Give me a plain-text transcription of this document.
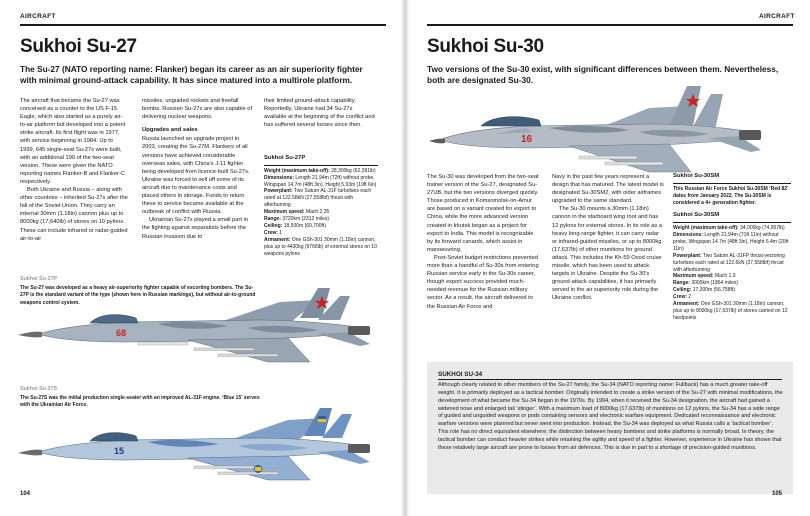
AIRCRAFT
Sukhoi Su-27
The Su-27 (NATO reporting name: Flanker) began its career as an air superiority fighter with minimal ground-attack capability. It has since matured into a multirole platform.

The aircraft that became the Su-27 was conceived as a counter to the US F-15 Eagle, which also started as a purely air-to-air platform but developed into a potent strike aircraft. Its first flight was in 1977, with service beginning in 1984. Up to 1999, 645 single-seat Su-27s were built, with an additional 190 of the two-seat version. These were given the NATO reporting names Flanker-B and Flanker-C respectively.

Both Ukraine and Russia – along with other countries – inherited Su-27s after the fall of the Soviet Union. They carry an internal 30mm (1.18in) cannon plus up to 8000kg (17,640lb) of stores on 10 pylons. These can include infrared or radar-guided air-to-air

missiles, unguided rockets and freefall bombs. Russian Su-27s are also capable of delivering nuclear weapons.

Upgrades and sales

Russia launched an upgrade project in 2003, creating the Su-27M. Flankers of all versions have achieved considerable overseas sales, with China’s J-11 fighter being developed from licence-built Su-27s. Ukraine was forced to sell off some of its aircraft due to maintenance costs and placed others in storage. Funds to return these to service became available at the outbreak of conflict with Russia.

Ukrainian Su-27s played a small part in the fighting against separatists before the Russian invasion due to

their limited ground-attack capability. Reportedly, Ukraine had 34 Su-27s available at the beginning of the conflict and has suffered several losses since then.

Sukhoi Su-27P
Weight (maximum take-off): 28,300kg (62,391lb)
Dimensions: Length 21.94m (72ft) without probe, Wingspan 14.7m (48ft 3in), Height 5.93m (19ft 6in)
Powerplant: Two Saturn AL-31F turbofans each rated at 122.58kN (27,558lbf) thrust with afterburning
Maximum speed: Mach 2.35
Range: 3720km (2312 miles)
Ceiling: 18,500m (60,700ft)
Crew: 1
Armament: One GSh-301 30mm (1.18in) cannon, plus up to 4430kg (9766lb) of external stores on 10 weapons pylons
Sukhoi Su-27P
The Su-27 was developed as a heavy air-superiority fighter capable of escorting bombers. The Su-27P is the standard variant of the type (shown here in Russian markings), but without air-to-ground weapons control system.
68
Sukhoi Su-27S
The Su-27S was the initial production single-seater with an improved AL-31F engine. ‘Blue 15’ serves with the Ukrainian Air Force.
15
104
AIRCRAFT
Sukhoi Su-30
Two versions of the Su-30 exist, with significant differences between them. Nevertheless, both are designated Su-30.
16

The Su-30 was developed from the two-seat trainer version of the Su-27, designated Su-27UB, but the two versions diverged quickly. Those produced in Komsomolsk-on-Amur are based on a variant created for export to China, while the more advanced version created in Irkutsk began as a project for export to India. This model is recognizable by its forward canards, which assist in manoeuvring.

Post-Soviet budget restrictions prevented more than a handful of Su-30s from entering Russian service early in the Su-30s career, though export success provided much-needed revenue for the Russian military sector. As a result, the aircraft delivered to the Russian Air Force and

Navy in the past few years represent a design that has matured. The latest model is designated Su-30SM2, with older airframes upgraded to the same standard.

The Su-30 mounts a 30mm (1.18in) cannon in the starboard wing root and has 12 pylons for external stores. In its role as a heavy long-range fighter, it can carry radar or infrared-guided missiles, or up to 8000kg (17,637lb) of other munitions for ground attack. This includes the Kh-59 Ovod cruise missile, which has been used to attack targets in Ukraine. Despite the Su-30’s ground-attack capabilities, it has primarily served in the air superiority role during the Ukraine conflict.

Sukhoi Su-30SM
This Russian Air Force Sukhoi Su-30SM ‘Red 82’ dates from January 2022. The Su-30SM is considered a 4+ generation fighter.
Sukhoi Su-30SM
Weight (maximum take-off): 34,000kg (74,957lb)
Dimensions: Length 21.94m (71ft 11in) without probe, Wingspan 14.7m (48ft 3in), Height 6.4m (20ft 11in)
Powerplant: Two Saturn AL-31FP thrust-vectoring turbofans each rated at 122.6kN (27,558lbf) thrust with afterburning
Maximum speed: Mach 1.9
Range: 3000km (1864 miles)
Ceiling: 17,300m (56,758ft)
Crew: 2
Armament: One GSh-301 30mm (1.18in) cannon, plus up to 8000kg (17,637lb) of stores carried on 12 hardpoints
SUKHOI SU-34
Although clearly related to other members of the Su-27 family, the Su-34 (NATO reporting name: Fullback) has a much greater take-off weight. It is primarily deployed as a tactical bomber. Originally intended to create a strike version of the Su-27 with minimal modifications, the development of what became the Su-34 began in the 1970s. By 1994, when it received the Su-34 designation, the aircraft had gained a widened nose and enlarged tail ‘stinger’. With a maximum load of 8000kg (17,637lb) of munitions on 12 pylons, the Su-34 has a wide range of guided and unguided weapons or pods containing sensors and electronic warfare equipment. Dedicated reconnaissance and electronic warfare versions were planned but never went into production. Instead, the Su-34 was deployed as what Russia calls a ‘tactical bomber’. This role has no direct equivalent elsewhere; the distinction between heavy bombers and strike platforms is normally broad. In theory, the tactical bomber can conduct heavier strikes while retaining the agility and speed of a fighter. However, experience in Ukraine has shown that these relatively large aircraft are prone to losses from air defences. This is due in part to a shortage of precision-guided munitions.
105
